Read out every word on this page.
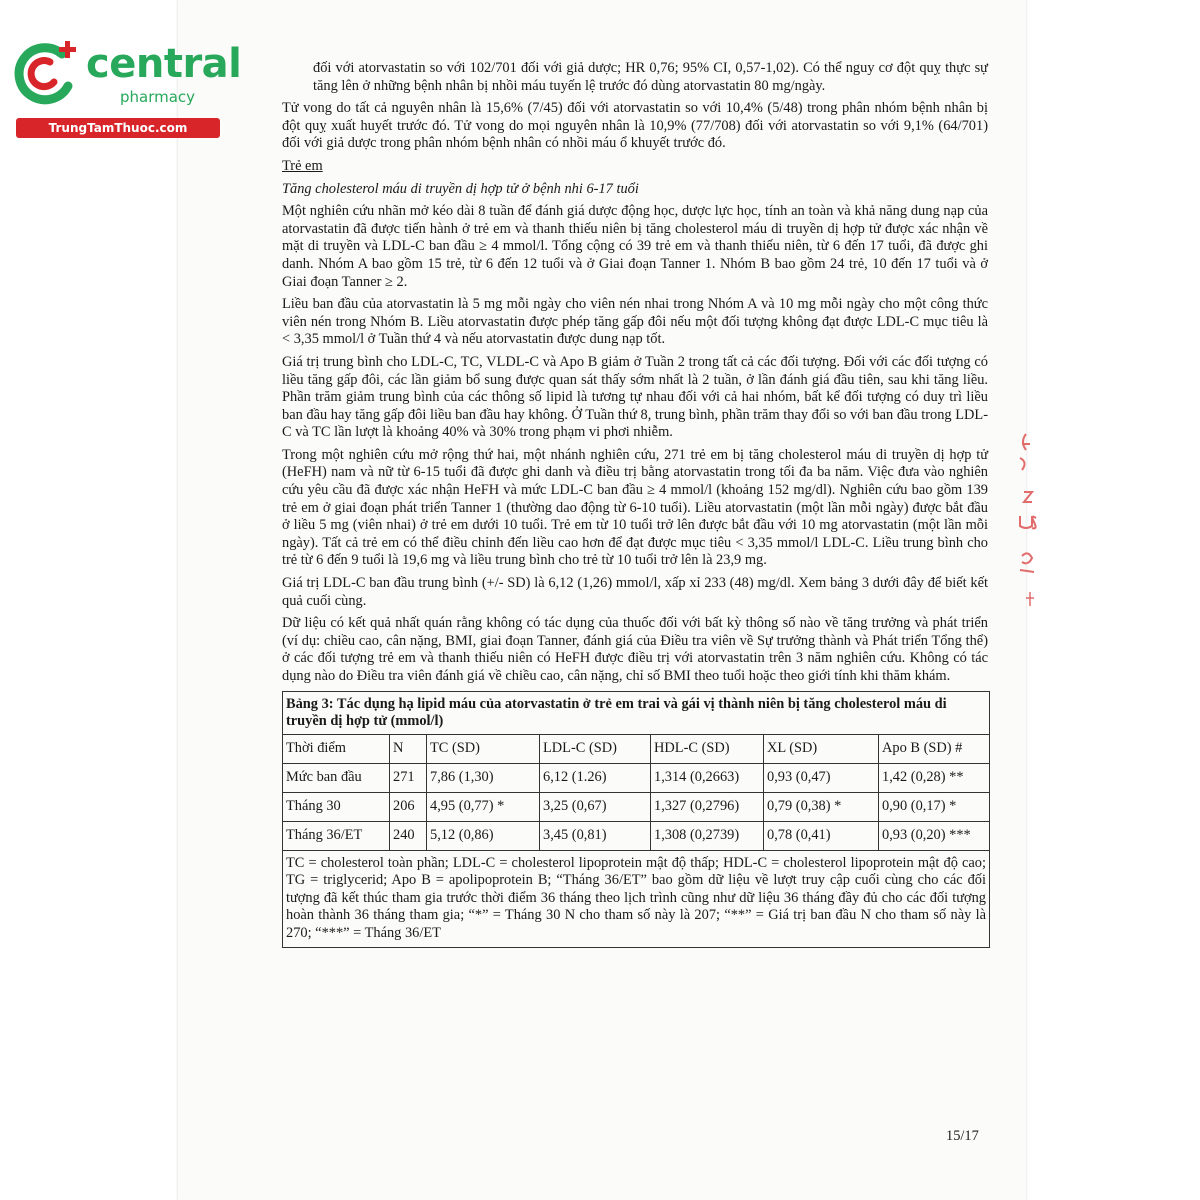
central
pharmacy
TrungTamThuoc.com

đối với atorvastatin so với 102/701 đối với giả dược; HR 0,76; 95% CI, 0,57-1,02). Có thể nguy cơ đột quỵ thực sự tăng lên ở những bệnh nhân bị nhồi máu tuyến lệ trước đó dùng atorvastatin 80 mg/ngày.

Tử vong do tất cả nguyên nhân là 15,6% (7/45) đối với atorvastatin so với 10,4% (5/48) trong phân nhóm bệnh nhân bị đột quỵ xuất huyết trước đó. Tử vong do mọi nguyên nhân là 10,9% (77/708) đối với atorvastatin so với 9,1% (64/701) đối với giả dược trong phân nhóm bệnh nhân có nhồi máu ổ khuyết trước đó.

Trẻ em

Tăng cholesterol máu di truyền dị hợp tử ở bệnh nhi 6-17 tuổi

Một nghiên cứu nhãn mở kéo dài 8 tuần để đánh giá dược động học, dược lực học, tính an toàn và khả năng dung nạp của atorvastatin đã được tiến hành ở trẻ em và thanh thiếu niên bị tăng cholesterol máu di truyền dị hợp tử được xác nhận về mặt di truyền và LDL-C ban đầu ≥ 4 mmol/l. Tổng cộng có 39 trẻ em và thanh thiếu niên, từ 6 đến 17 tuổi, đã được ghi danh. Nhóm A bao gồm 15 trẻ, từ 6 đến 12 tuổi và ở Giai đoạn Tanner 1. Nhóm B bao gồm 24 trẻ, 10 đến 17 tuổi và ở Giai đoạn Tanner ≥ 2.

Liều ban đầu của atorvastatin là 5 mg mỗi ngày cho viên nén nhai trong Nhóm A và 10 mg mỗi ngày cho một công thức viên nén trong Nhóm B. Liều atorvastatin được phép tăng gấp đôi nếu một đối tượng không đạt được LDL-C mục tiêu là < 3,35 mmol/l ở Tuần thứ 4 và nếu atorvastatin được dung nạp tốt.

Giá trị trung bình cho LDL-C, TC, VLDL-C và Apo B giảm ở Tuần 2 trong tất cả các đối tượng. Đối với các đối tượng có liều tăng gấp đôi, các lần giảm bổ sung được quan sát thấy sớm nhất là 2 tuần, ở lần đánh giá đầu tiên, sau khi tăng liều. Phần trăm giảm trung bình của các thông số lipid là tương tự nhau đối với cả hai nhóm, bất kể đối tượng có duy trì liều ban đầu hay tăng gấp đôi liều ban đầu hay không. Ở Tuần thứ 8, trung bình, phần trăm thay đổi so với ban đầu trong LDL-C và TC lần lượt là khoảng 40% và 30% trong phạm vi phơi nhiễm.

Trong một nghiên cứu mở rộng thứ hai, một nhánh nghiên cứu, 271 trẻ em bị tăng cholesterol máu di truyền dị hợp tử (HeFH) nam và nữ từ 6-15 tuổi đã được ghi danh và điều trị bằng atorvastatin trong tối đa ba năm. Việc đưa vào nghiên cứu yêu cầu đã được xác nhận HeFH và mức LDL-C ban đầu ≥ 4 mmol/l (khoảng 152 mg/dl). Nghiên cứu bao gồm 139 trẻ em ở giai đoạn phát triển Tanner 1 (thường dao động từ 6-10 tuổi). Liều atorvastatin (một lần mỗi ngày) được bắt đầu ở liều 5 mg (viên nhai) ở trẻ em dưới 10 tuổi. Trẻ em từ 10 tuổi trở lên được bắt đầu với 10 mg atorvastatin (một lần mỗi ngày). Tất cả trẻ em có thể điều chỉnh đến liều cao hơn để đạt được mục tiêu < 3,35 mmol/l LDL-C. Liều trung bình cho trẻ từ 6 đến 9 tuổi là 19,6 mg và liều trung bình cho trẻ từ 10 tuổi trở lên là 23,9 mg.

Giá trị LDL-C ban đầu trung bình (+/- SD) là 6,12 (1,26) mmol/l, xấp xỉ 233 (48) mg/dl. Xem bảng 3 dưới đây để biết kết quả cuối cùng.

Dữ liệu có kết quả nhất quán rằng không có tác dụng của thuốc đối với bất kỳ thông số nào về tăng trưởng và phát triển (ví dụ: chiều cao, cân nặng, BMI, giai đoạn Tanner, đánh giá của Điều tra viên về Sự trưởng thành và Phát triển Tổng thể) ở các đối tượng trẻ em và thanh thiếu niên có HeFH được điều trị với atorvastatin trên 3 năm nghiên cứu. Không có tác dụng nào do Điều tra viên đánh giá về chiều cao, cân nặng, chỉ số BMI theo tuổi hoặc theo giới tính khi thăm khám.

Bảng 3: Tác dụng hạ lipid máu của atorvastatin ở trẻ em trai và gái vị thành niên bị tăng cholesterol máu di truyền dị hợp tử (mmol/l)						
Thời điểm	N	TC (SD)	LDL-C (SD)	HDL-C (SD)	XL (SD)	Apo B (SD) #
Mức ban đầu	271	7,86 (1,30)	6,12 (1.26)	1,314 (0,2663)	0,93 (0,47)	1,42 (0,28) **
Tháng 30	206	4,95 (0,77) *	3,25 (0,67)	1,327 (0,2796)	0,79 (0,38) *	0,90 (0,17) *
Tháng 36/ET	240	5,12 (0,86)	3,45 (0,81)	1,308 (0,2739)	0,78 (0,41)	0,93 (0,20) ***
TC = cholesterol toàn phần; LDL-C = cholesterol lipoprotein mật độ thấp; HDL-C = cholesterol lipoprotein mật độ cao; TG = triglycerid; Apo B = apolipoprotein B; “Tháng 36/ET” bao gồm dữ liệu về lượt truy cập cuối cùng cho các đối tượng đã kết thúc tham gia trước thời điểm 36 tháng theo lịch trình cũng như dữ liệu 36 tháng đầy đủ cho các đối tượng hoàn thành 36 tháng tham gia; “*” = Tháng 30 N cho tham số này là 207; “**” = Giá trị ban đầu N cho tham số này là 270; “***” = Tháng 36/ET						
15/17
